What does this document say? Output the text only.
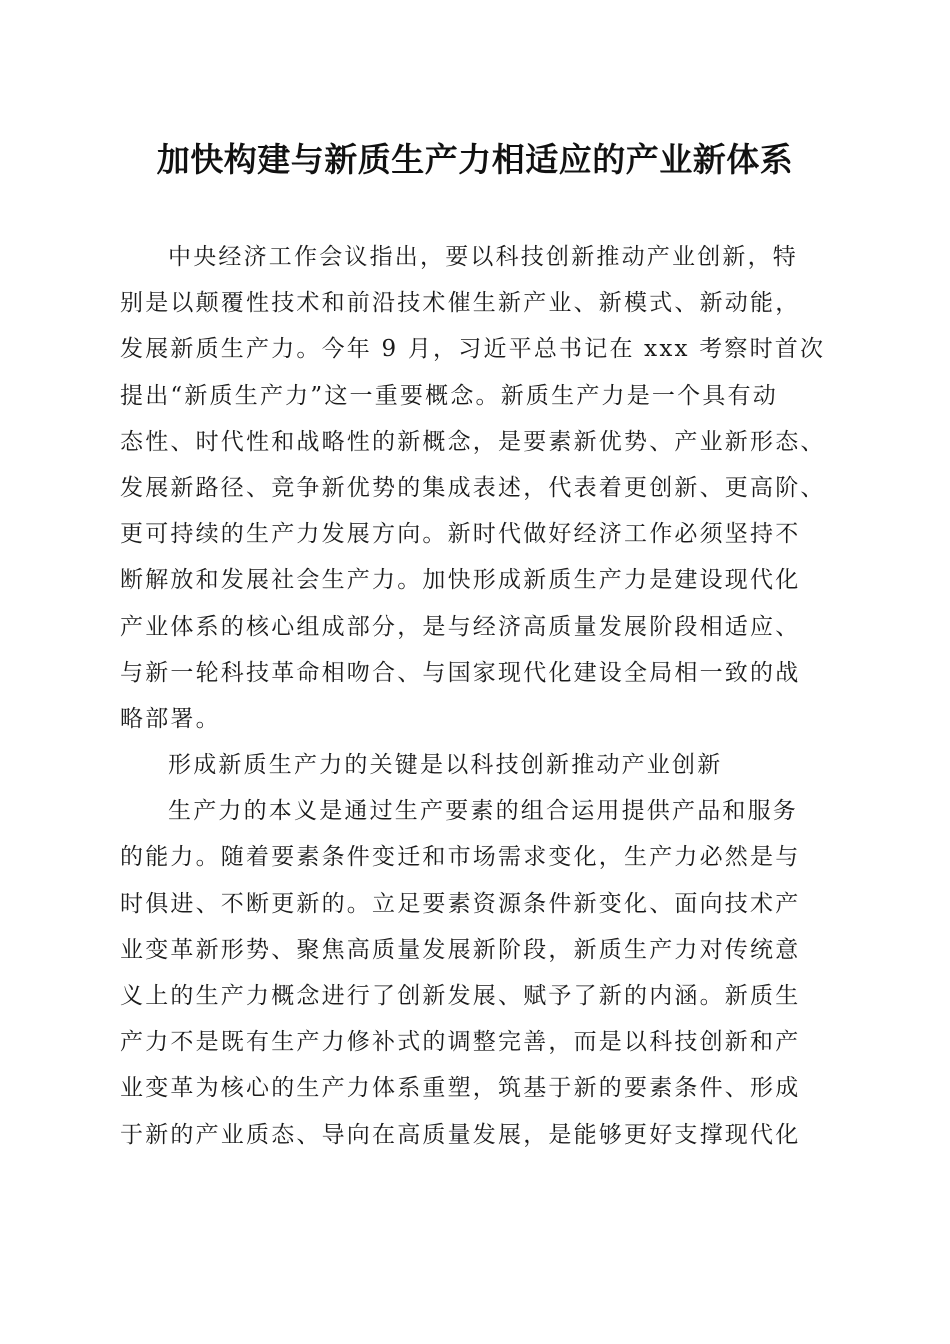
加快构建与新质生产力相适应的产业新体系
中央经济工作会议指出，要以科技创新推动产业创新，特
别是以颠覆性技术和前沿技术催生新产业、新模式、新动能，
发展新质生产力。今年 9 月，习近平总书记在 xxx 考察时首次
提出“新质生产力”这一重要概念。新质生产力是一个具有动
态性、时代性和战略性的新概念，是要素新优势、产业新形态、
发展新路径、竞争新优势的集成表述，代表着更创新、更高阶、
更可持续的生产力发展方向。新时代做好经济工作必须坚持不
断解放和发展社会生产力。加快形成新质生产力是建设现代化
产业体系的核心组成部分，是与经济高质量发展阶段相适应、
与新一轮科技革命相吻合、与国家现代化建设全局相一致的战
略部署。
形成新质生产力的关键是以科技创新推动产业创新
生产力的本义是通过生产要素的组合运用提供产品和服务
的能力。随着要素条件变迁和市场需求变化，生产力必然是与
时俱进、不断更新的。立足要素资源条件新变化、面向技术产
业变革新形势、聚焦高质量发展新阶段，新质生产力对传统意
义上的生产力概念进行了创新发展、赋予了新的内涵。新质生
产力不是既有生产力修补式的调整完善，而是以科技创新和产
业变革为核心的生产力体系重塑，筑基于新的要素条件、形成
于新的产业质态、导向在高质量发展，是能够更好支撑现代化
